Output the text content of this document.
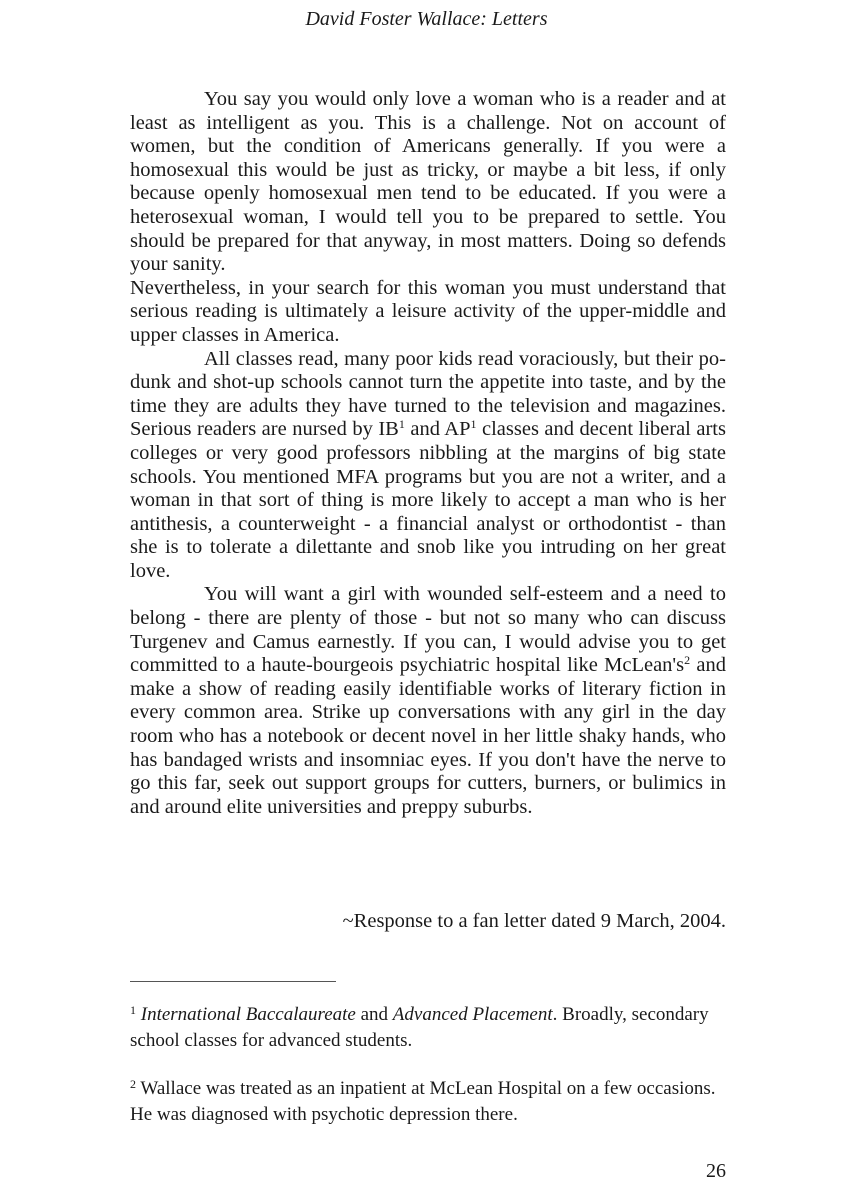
David Foster Wallace: Letters

You say you would only love a woman who is a reader and at least as intelligent as you. This is a challenge. Not on account of women, but the condition of Americans generally. If you were a homosexual this would be just as tricky, or maybe a bit less, if only because openly homosexual men tend to be educated. If you were a heterosexual woman, I would tell you to be prepared to settle. You should be prepared for that anyway, in most matters. Doing so defends your sanity.

Nevertheless, in your search for this woman you must understand that serious reading is ultimately a leisure activity of the upper-middle and upper classes in America.

All classes read, many poor kids read voraciously, but their po-dunk and shot-up schools cannot turn the appetite into taste, and by the time they are adults they have turned to the television and magazines. Serious readers are nursed by $IB^1$ and $AP^1$ classes and decent liberal arts colleges or very good professors nibbling at the margins of big state schools. You mentioned MFA programs but you are not a writer, and a woman in that sort of thing is more likely to accept a man who is her antithesis, a counterweight - a financial analyst or orthodontist - than she is to tolerate a dilettante and snob like you intruding on her great love.

You will want a girl with wounded self-esteem and a need to belong - there are plenty of those - but not so many who can discuss Turgenev and Camus earnestly. If you can, I would advise you to get committed to a haute-bourgeois psychiatric hospital like $McLean's^2$ and make a show of reading easily identifiable works of literary fiction in every common area. Strike up conversations with any girl in the day room who has a notebook or decent novel in her little shaky hands, who has bandaged wrists and insomniac eyes. If you don't have the nerve to go this far, seek out support groups for cutters, burners, or bulimics in and around elite universities and preppy suburbs.

~Response to a fan letter dated 9 March, 2004.

$^1$ International Baccalaureate and Advanced Placement. Broadly, secondary school classes for advanced students.

$^2$ Wallace was treated as an inpatient at McLean Hospital on a few occasions. He was diagnosed with psychotic depression there.

26
